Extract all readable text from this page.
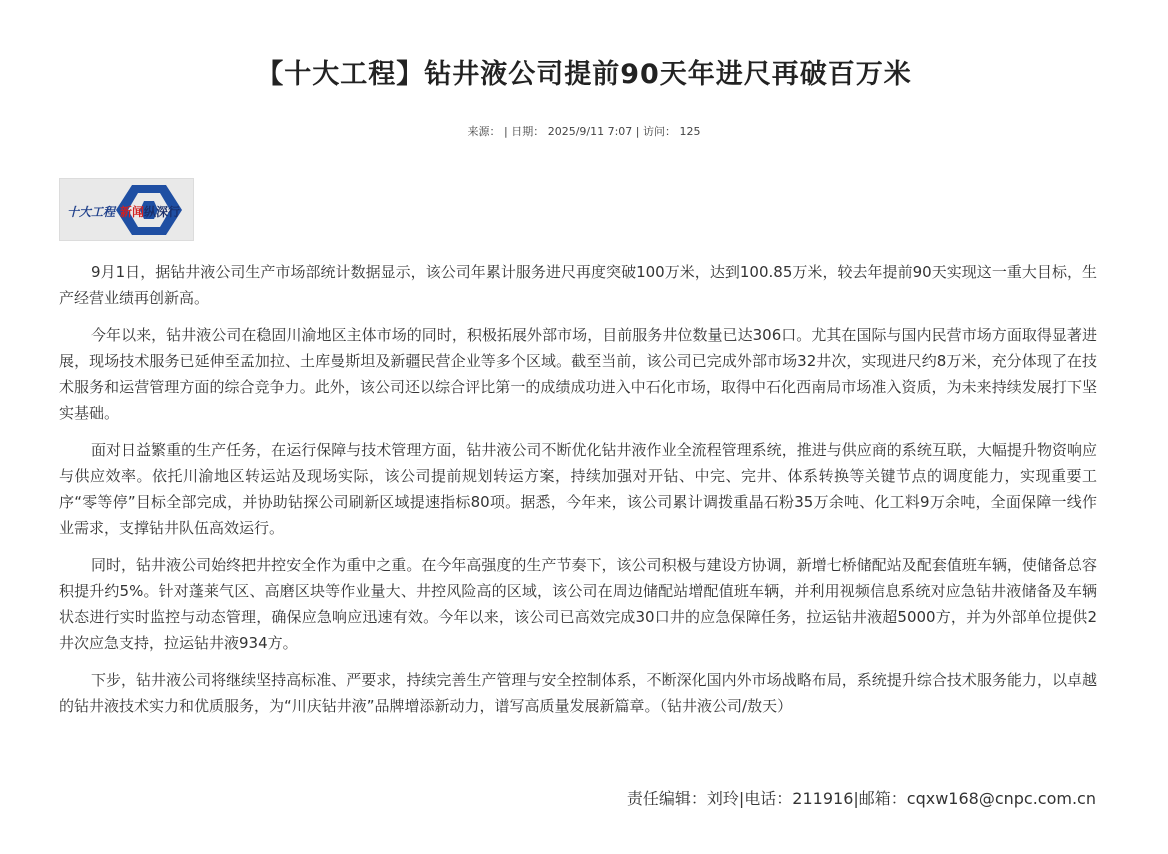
【十大工程】钻井液公司提前90天年进尺再破百万米
来源： | 日期： 2025/9/11 7:07 | 访问： 125
十大工程 新闻纵深行

9月1日，据钻井液公司生产市场部统计数据显示，该公司年累计服务进尺再度突破100万米，达到100.85万米，较去年提前90天实现这一重大目标，生产经营业绩再创新高。

今年以来，钻井液公司在稳固川渝地区主体市场的同时，积极拓展外部市场，目前服务井位数量已达306口。尤其在国际与国内民营市场方面取得显著进展，现场技术服务已延伸至孟加拉、土库曼斯坦及新疆民营企业等多个区域。截至当前，该公司已完成外部市场32井次，实现进尺约8万米，充分体现了在技术服务和运营管理方面的综合竞争力。此外，该公司还以综合评比第一的成绩成功进入中石化市场，取得中石化西南局市场准入资质，为未来持续发展打下坚实基础。

面对日益繁重的生产任务，在运行保障与技术管理方面，钻井液公司不断优化钻井液作业全流程管理系统，推进与供应商的系统互联，大幅提升物资响应与供应效率。依托川渝地区转运站及现场实际，该公司提前规划转运方案，持续加强对开钻、中完、完井、体系转换等关键节点的调度能力，实现重要工序“零等停”目标全部完成，并协助钻探公司刷新区域提速指标80项。据悉，今年来，该公司累计调拨重晶石粉35万余吨、化工料9万余吨，全面保障一线作业需求，支撑钻井队伍高效运行。

同时，钻井液公司始终把井控安全作为重中之重。在今年高强度的生产节奏下，该公司积极与建设方协调，新增七桥储配站及配套值班车辆，使储备总容积提升约5%。针对蓬莱气区、高磨区块等作业量大、井控风险高的区域，该公司在周边储配站增配值班车辆，并利用视频信息系统对应急钻井液储备及车辆状态进行实时监控与动态管理，确保应急响应迅速有效。今年以来，该公司已高效完成30口井的应急保障任务，拉运钻井液超5000方，并为外部单位提供2井次应急支持，拉运钻井液934方。

下步，钻井液公司将继续坚持高标准、严要求，持续完善生产管理与安全控制体系，不断深化国内外市场战略布局，系统提升综合技术服务能力，以卓越的钻井液技术实力和优质服务，为“川庆钻井液”品牌增添新动力，谱写高质量发展新篇章。（钻井液公司/敖天）

责任编辑：刘玲|电话：211916|邮箱：cqxw168@cnpc.com.cn
